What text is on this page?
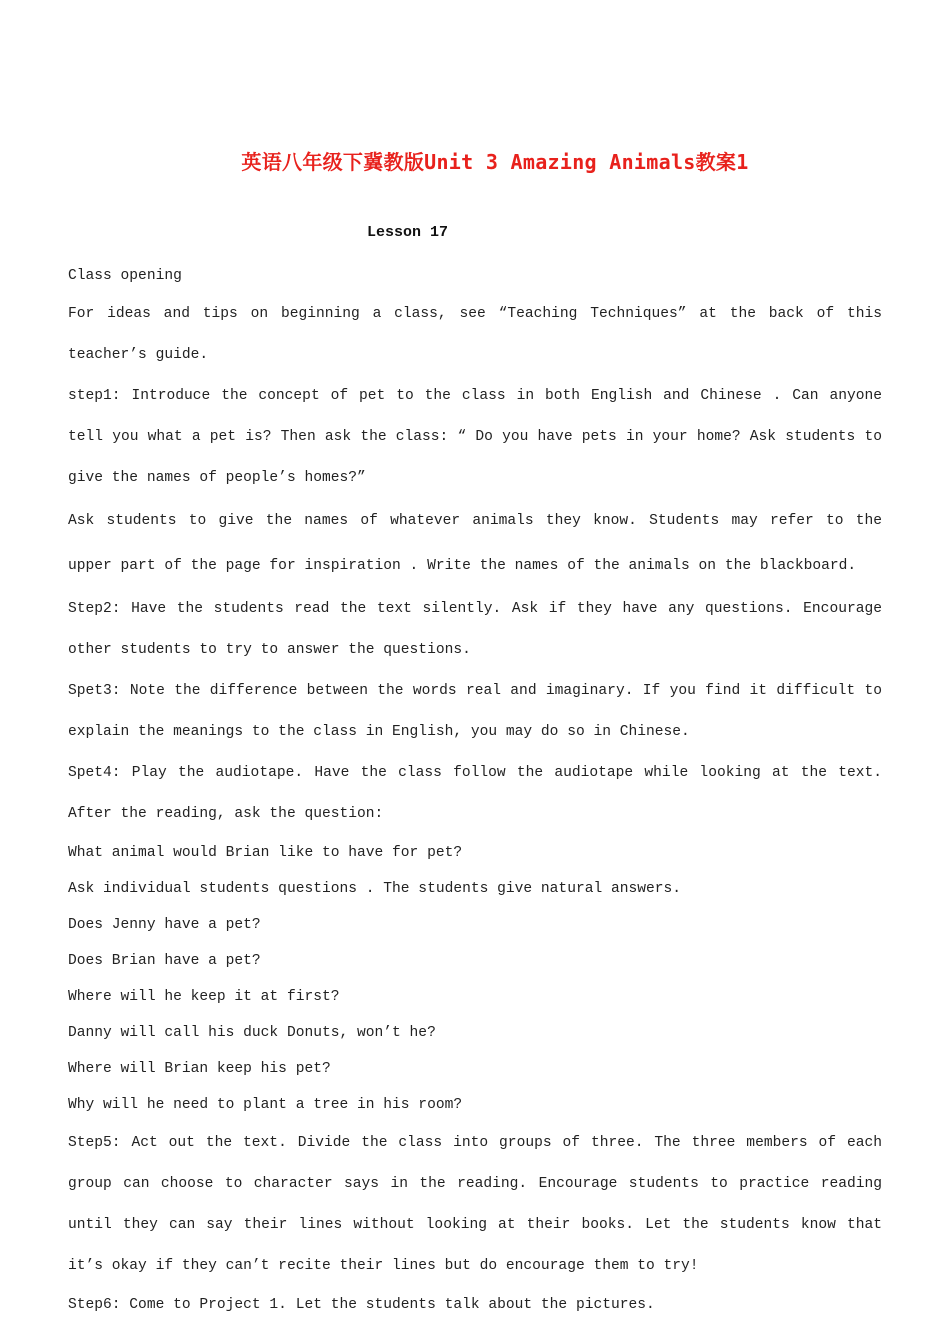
英语八年级下冀教版Unit 3 Amazing Animals教案1
Lesson 17

Class opening

For ideas and tips on beginning a class, see “Teaching Techniques” at the back of this teacher’s guide.

step1: Introduce the concept of pet to the class in both English and Chinese . Can anyone tell you what a pet is? Then ask the class: “ Do you have pets in your home? Ask students to give the names of people’s homes?”

Ask students to give the names of whatever animals they know. Students may refer to the upper part of the page for inspiration . Write the names of the animals on the blackboard.

Step2: Have the students read the text silently. Ask if they have any questions. Encourage other students to try to answer the questions.

Spet3: Note the difference between the words real and imaginary. If you find it difficult to explain the meanings to the class in English, you may do so in Chinese.

Spet4: Play the audiotape. Have the class follow the audiotape while looking at the text. After the reading, ask the question:

What animal would Brian like to have for pet?

Ask individual students questions . The students give natural answers.

Does Jenny have a pet?

Does Brian have a pet?

Where will he keep it at first?

Danny will call his duck Donuts, won’t he?

Where will Brian keep his pet?

Why will he need to plant a tree in his room?

Step5: Act out the text. Divide the class into groups of three. The three members of each group can choose to character says in the reading. Encourage students to practice reading until they can say their lines without looking at their books. Let the students know that it’s okay if they can’t recite their lines but do encourage them to try!

Step6: Come to Project 1. Let the students talk about the pictures.
